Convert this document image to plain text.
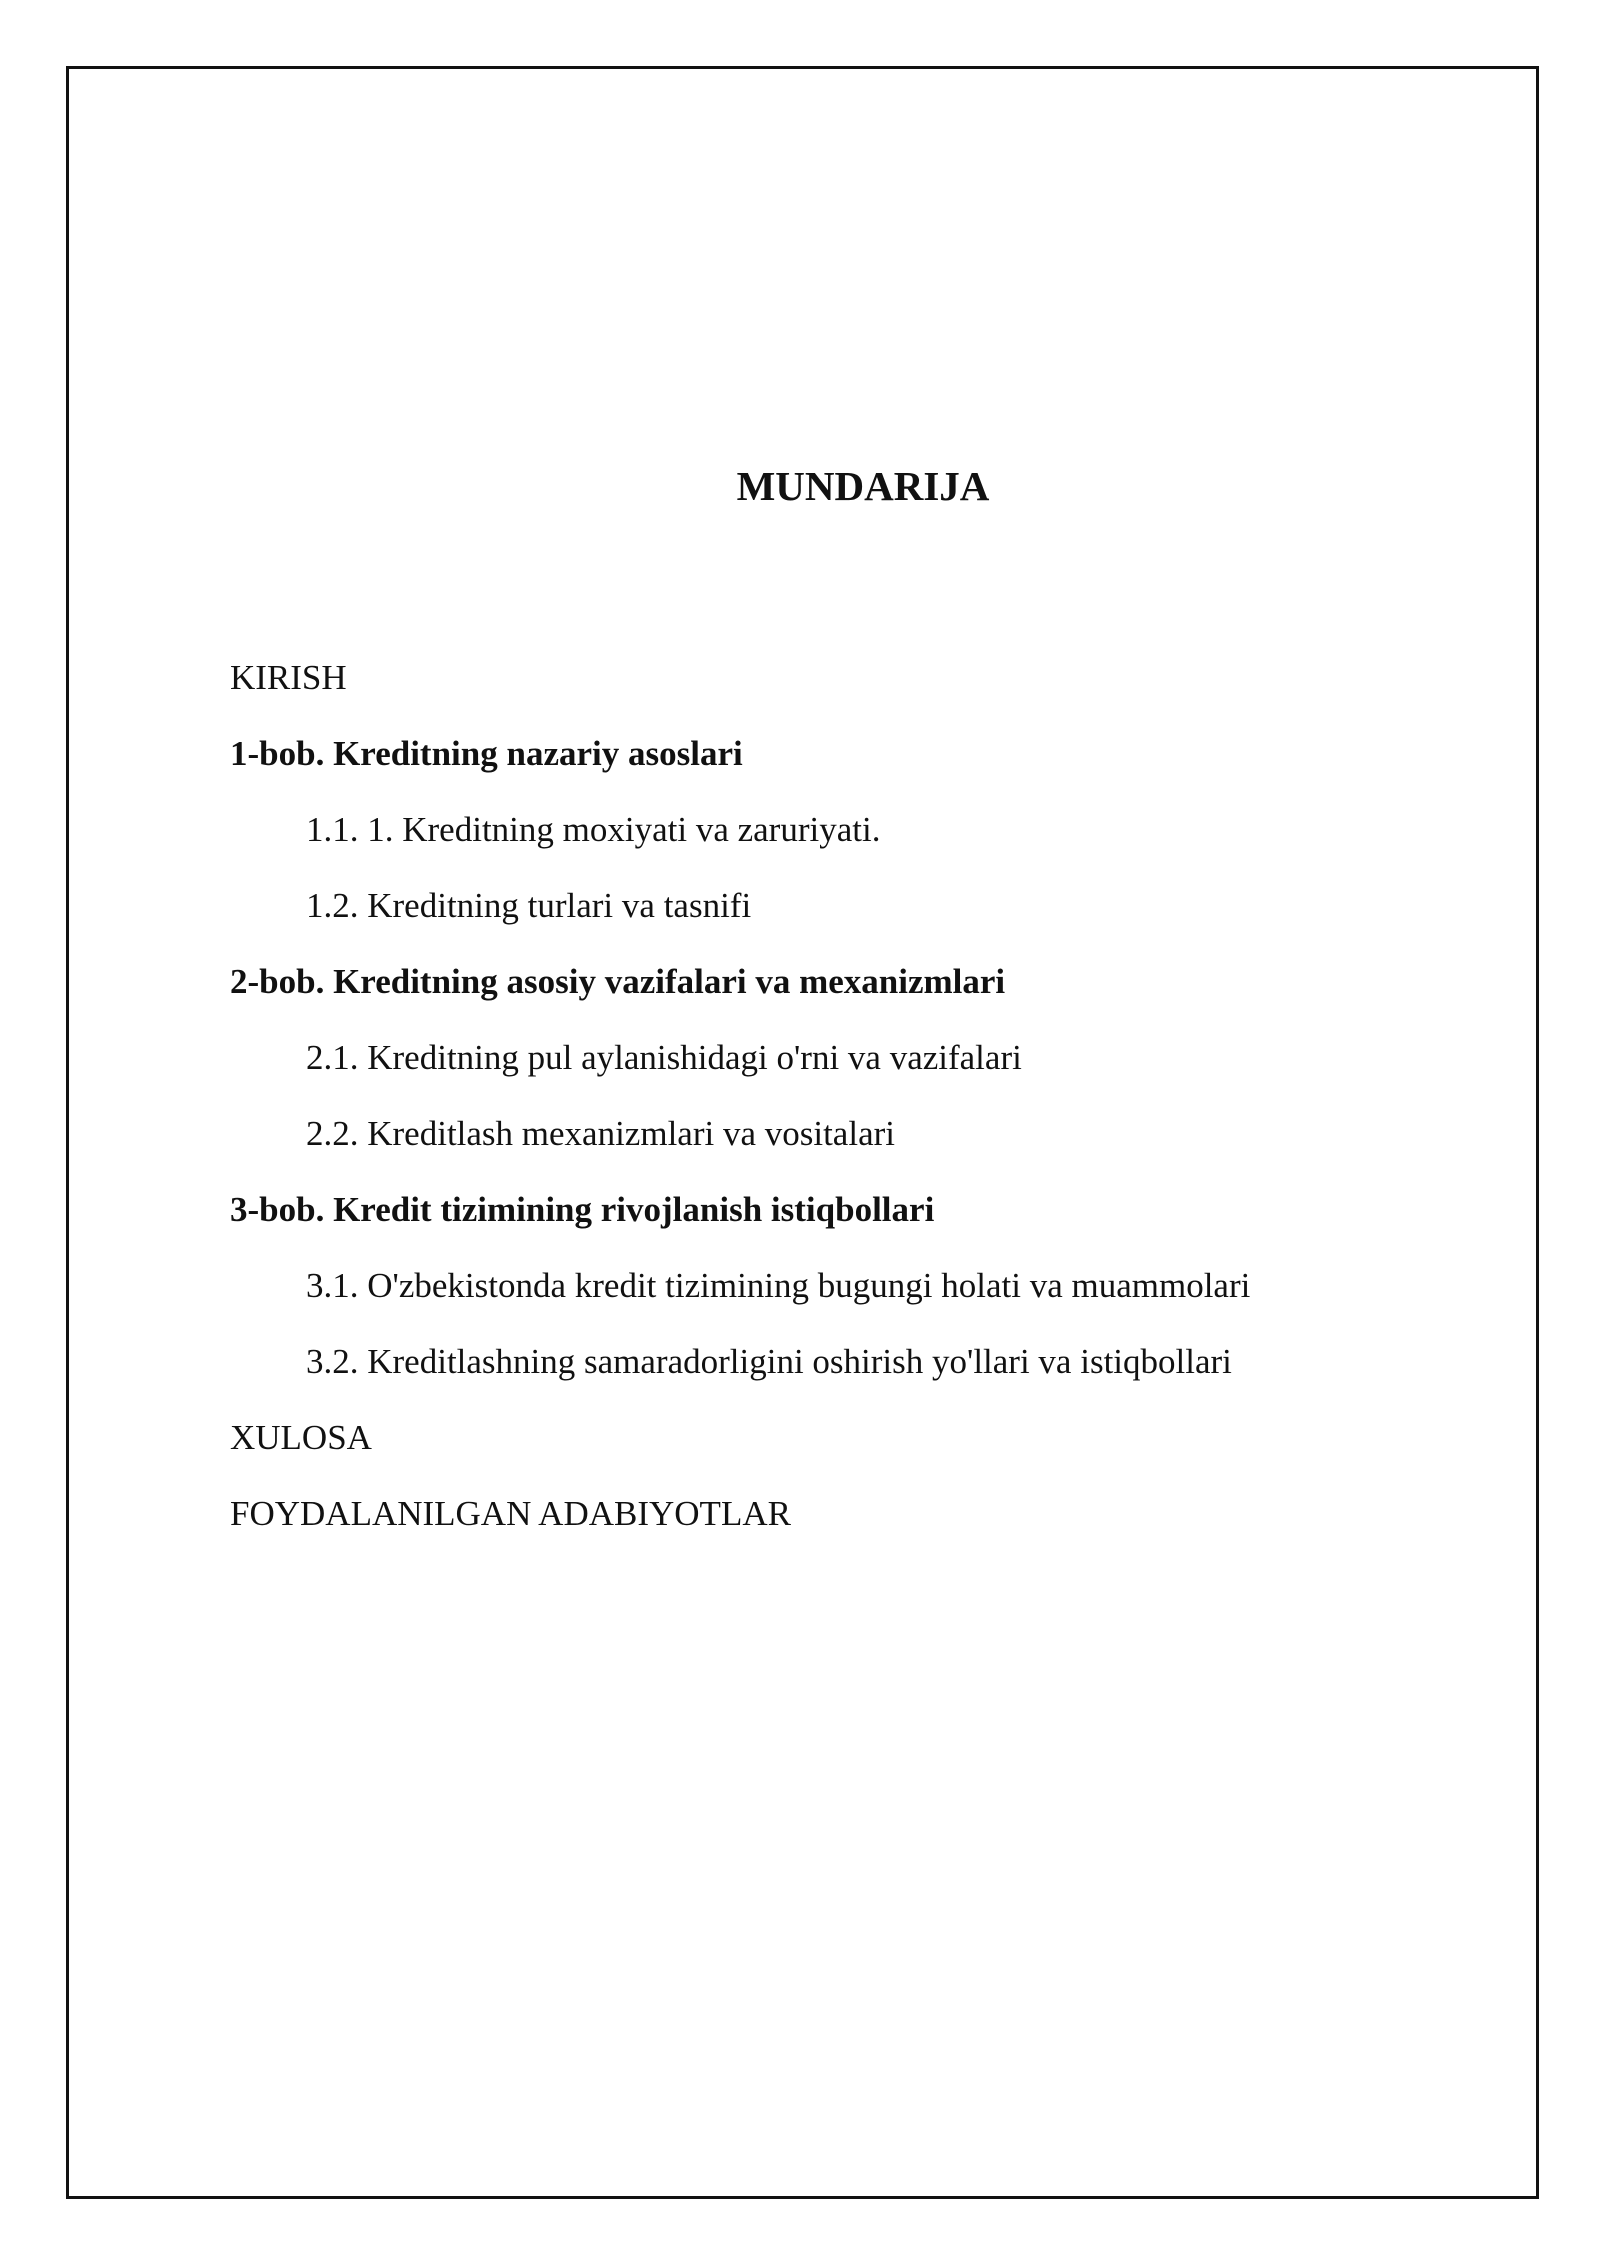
MUNDARIJA
KIRISH
1-bob. Kreditning nazariy asoslari
1.1. 1. Kreditning moxiyati va zaruriyati.
1.2. Kreditning turlari va tasnifi
2-bob. Kreditning asosiy vazifalari va mexanizmlari
2.1. Kreditning pul aylanishidagi o'rni va vazifalari
2.2. Kreditlash mexanizmlari va vositalari
3-bob. Kredit tizimining rivojlanish istiqbollari
3.1. O'zbekistonda kredit tizimining bugungi holati va muammolari
3.2. Kreditlashning samaradorligini oshirish yo'llari va istiqbollari
XULOSA
FOYDALANILGAN ADABIYOTLAR
